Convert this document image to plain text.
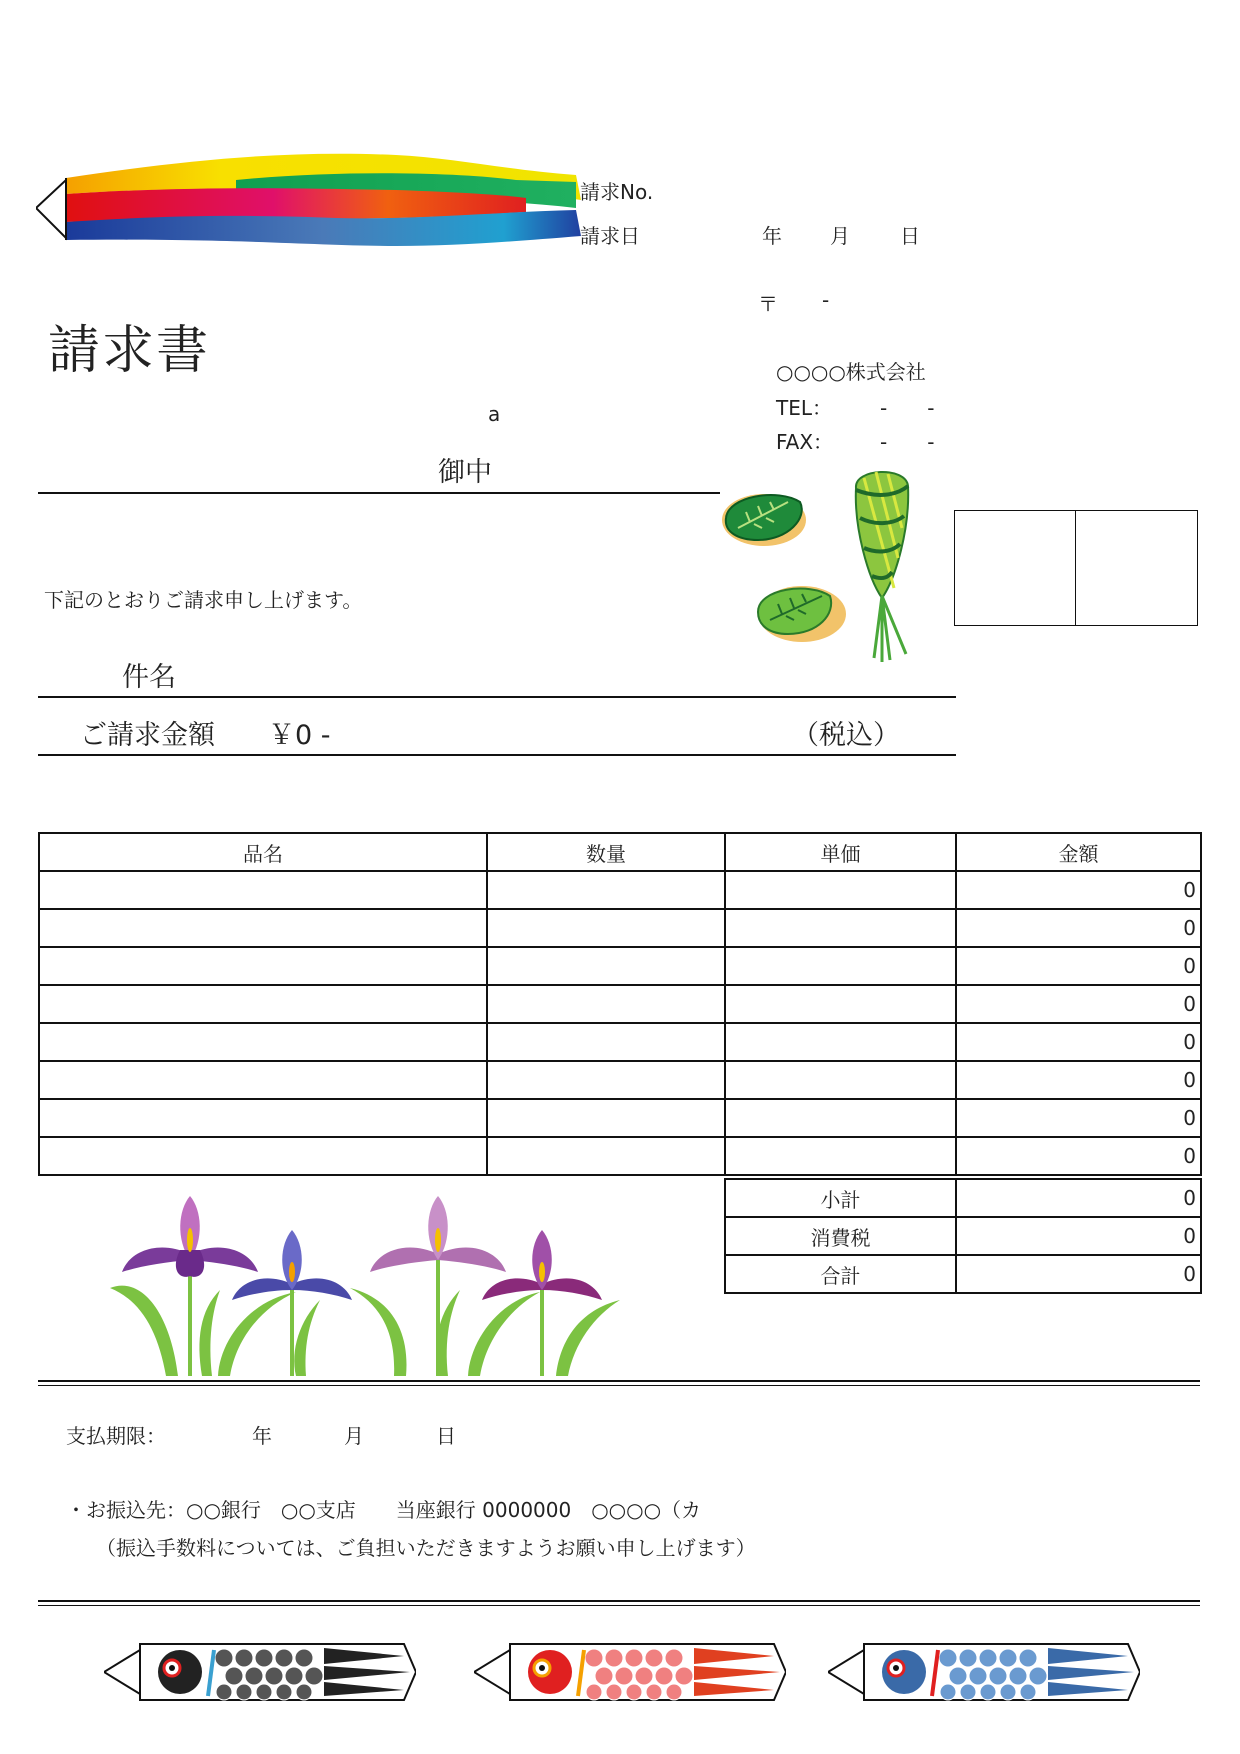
請求No.
請求日	年 月	日
請求書
〒 -
○○○○株式会社
TEL： -　　-
FAX： -　　-
a
御中
下記のとおりご請求申し上げます。
件名
ご請求金額 ￥0 -	（税込）
品名	数量	単価	金額
			0
			0
			0
			0
			0
			0
			0
			0
小計	0
消費税	0
合計	0
支払期限：	年	月	日
・お振込先：○○銀行　○○支店　　当座銀行 0000000　○○○○（カ
（振込手数料については、ご負担いただきますようお願い申し上げます）
